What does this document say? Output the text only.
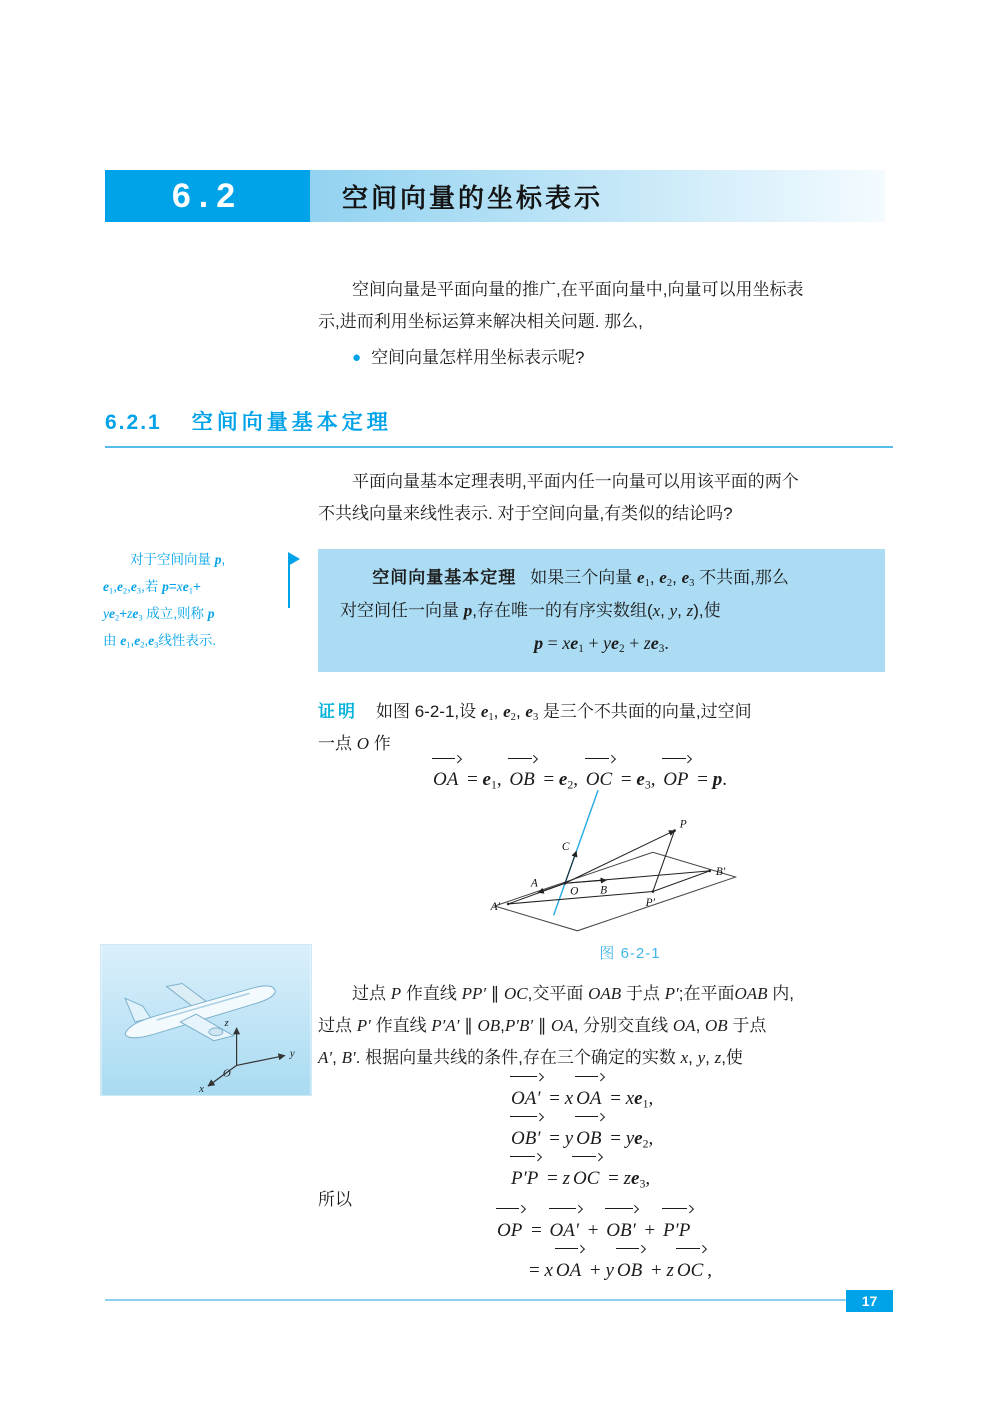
6.2	空间向量的坐标表示
空间向量是平面向量的推广,在平面向量中,向量可以用坐标表
示,进而利用坐标运算来解决相关问题. 那么,
● 空间向量怎样用坐标表示呢?
6.2.1 空间向量基本定理
平面向量基本定理表明,平面内任一向量可以用该平面的两个
不共线向量来线性表示. 对于空间向量,有类似的结论吗?
对于空间向量 p,
e1,e2,e3,若 p=xe1+
ye2+ze3 成立,则称 p
由 e1,e2,e3线性表示.
空间向量基本定理 如果三个向量 e1, e2, e3 不共面,那么
对空间任一向量 p,存在唯一的有序实数组(x, y, z),使
p = xe1 + ye2 + ze3.
证明 如图 6-2-1,设 e1, e2, e3 是三个不共面的向量,过空间
一点 O 作
OA = e1, OB = e2, OC = e3, OP = p.
O
A
A′
B
B′
C
P
P′
图 6-2-1
z
y
x
O
过点 P 作直线 PP′ ∥ OC,交平面 OAB 于点 P′;在平面OAB 内,
过点 P′ 作直线 P′A′ ∥ OB,P′B′ ∥ OA, 分别交直线 OA, OB 于点
A′, B′. 根据向量共线的条件,存在三个确定的实数 x, y, z,使
OA′ = x OA = xe1,
OB′ = y OB = ye2,
P′P = z OC = ze3,
所以
OP = OA′ + OB′ + P′P
= x OA + y OB + z OC ,
17
